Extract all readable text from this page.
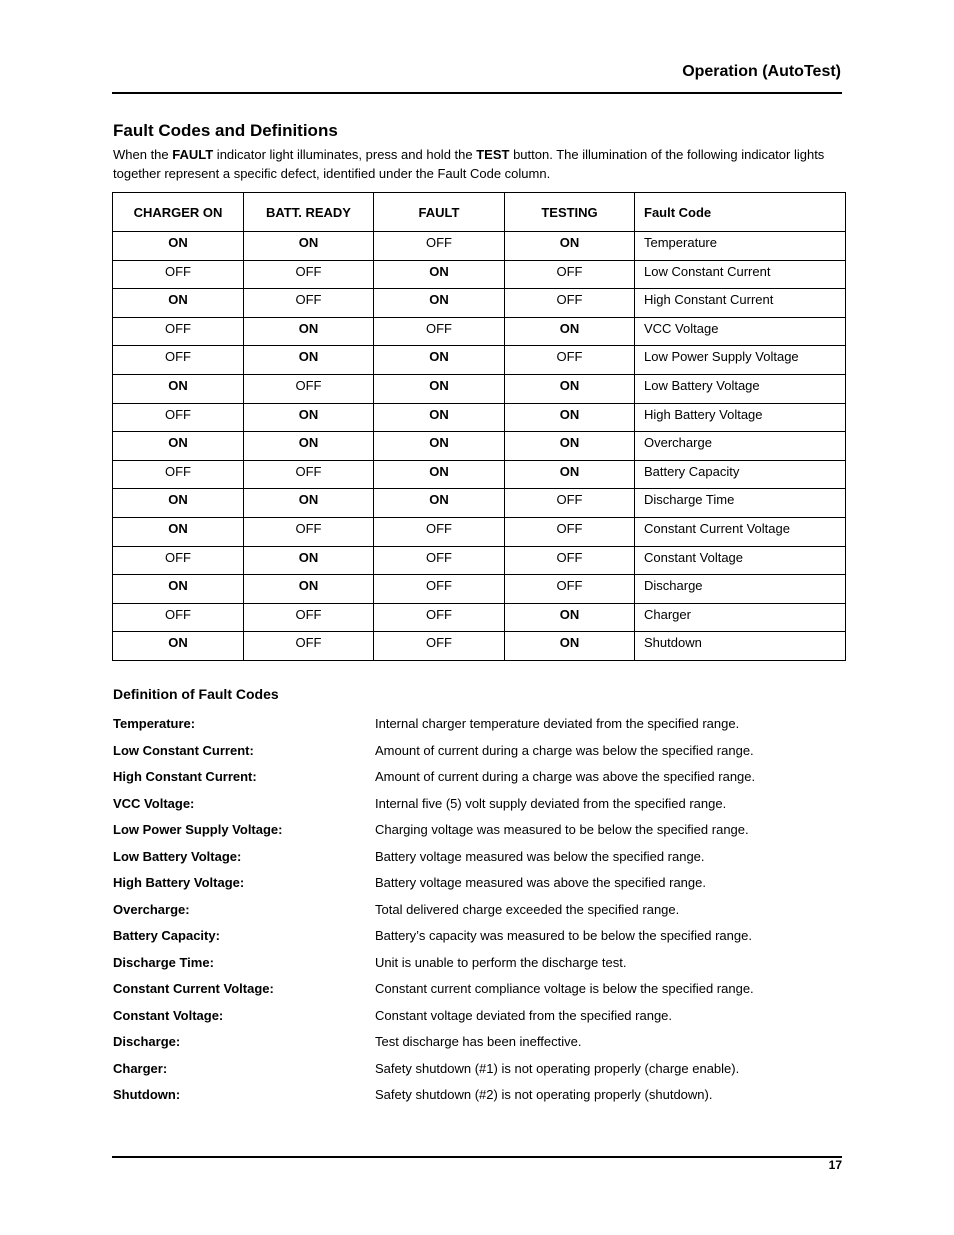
Operation (AutoTest)
Fault Codes and Definitions
When the FAULT indicator light illuminates, press and hold the TEST button. The illumination of the following indicator lights together represent a specific defect, identified under the Fault Code column.
CHARGER ON	BATT. READY	FAULT	TESTING	Fault Code
ON	ON	OFF	ON	Temperature
OFF	OFF	ON	OFF	Low Constant Current
ON	OFF	ON	OFF	High Constant Current
OFF	ON	OFF	ON	VCC Voltage
OFF	ON	ON	OFF	Low Power Supply Voltage
ON	OFF	ON	ON	Low Battery Voltage
OFF	ON	ON	ON	High Battery Voltage
ON	ON	ON	ON	Overcharge
OFF	OFF	ON	ON	Battery Capacity
ON	ON	ON	OFF	Discharge Time
ON	OFF	OFF	OFF	Constant Current Voltage
OFF	ON	OFF	OFF	Constant Voltage
ON	ON	OFF	OFF	Discharge
OFF	OFF	OFF	ON	Charger
ON	OFF	OFF	ON	Shutdown
Definition of Fault Codes
Temperature:	Internal charger temperature deviated from the specified range.
Low Constant Current:	Amount of current during a charge was below the specified range.
High Constant Current:	Amount of current during a charge was above the specified range.
VCC Voltage:	Internal five (5) volt supply deviated from the specified range.
Low Power Supply Voltage:	Charging voltage was measured to be below the specified range.
Low Battery Voltage:	Battery voltage measured was below the specified range.
High Battery Voltage:	Battery voltage measured was above the specified range.
Overcharge:	Total delivered charge exceeded the specified range.
Battery Capacity:	Battery’s capacity was measured to be below the specified range.
Discharge Time:	Unit is unable to perform the discharge test.
Constant Current Voltage:	Constant current compliance voltage is below the specified range.
Constant Voltage:	Constant voltage deviated from the specified range.
Discharge:	Test discharge has been ineffective.
Charger:	Safety shutdown (#1) is not operating properly (charge enable).
Shutdown:	Safety shutdown (#2) is not operating properly (shutdown).
17
